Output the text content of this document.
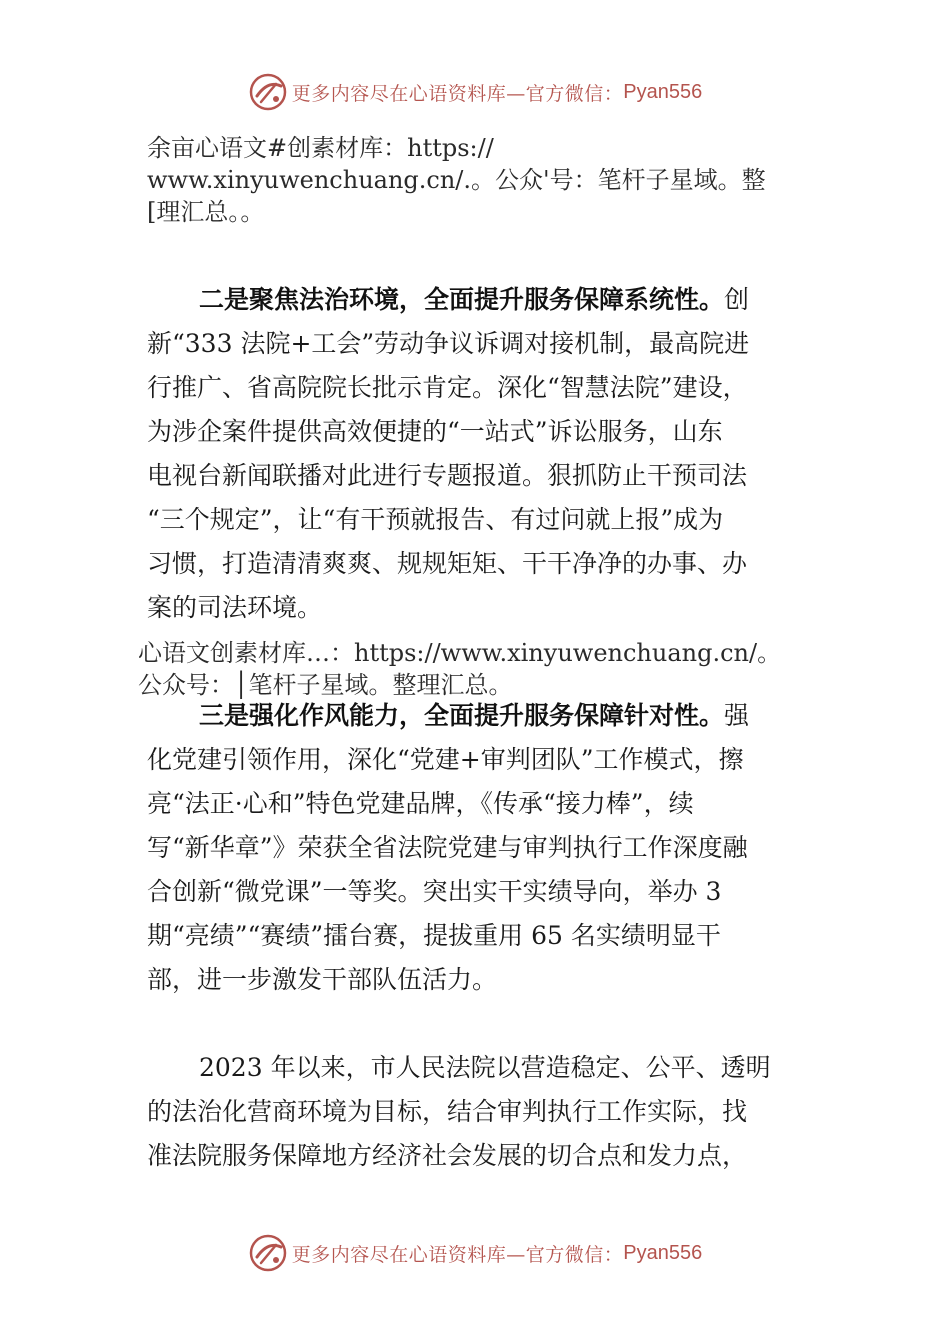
更多内容尽在心语资料库—官方微信： Pyan556
余亩心语文#创素材库：https://
www.xinyuwenchuang.cn/.。公众'号：笔杆子星域。整
[理汇总。。
二是聚焦法治环境，全面提升服务保障系统性。创
新“333 法院+工会”劳动争议诉调对接机制，最高院进
行推广、省高院院长批示肯定。深化“智慧法院”建设，
为涉企案件提供高效便捷的“一站式”诉讼服务，山东
电视台新闻联播对此进行专题报道。狠抓防止干预司法
“三个规定”，让“有干预就报告、有过问就上报”成为
习惯，打造清清爽爽、规规矩矩、干干净净的办事、办
案的司法环境。
心语文创素材库…：https://www.xinyuwenchuang.cn/。
公众号：│笔杆子星域。整理汇总。
三是强化作风能力，全面提升服务保障针对性。强
化党建引领作用，深化“党建+审判团队”工作模式，擦
亮“法正·心和”特色党建品牌，《传承“接力棒”，续
写“新华章”》荣获全省法院党建与审判执行工作深度融
合创新“微党课”一等奖。突出实干实绩导向，举办 3
期“亮绩”“赛绩”擂台赛，提拔重用 65 名实绩明显干
部，进一步激发干部队伍活力。
2023 年以来，市人民法院以营造稳定、公平、透明
的法治化营商环境为目标，结合审判执行工作实际，找
准法院服务保障地方经济社会发展的切合点和发力点，
更多内容尽在心语资料库—官方微信： Pyan556
